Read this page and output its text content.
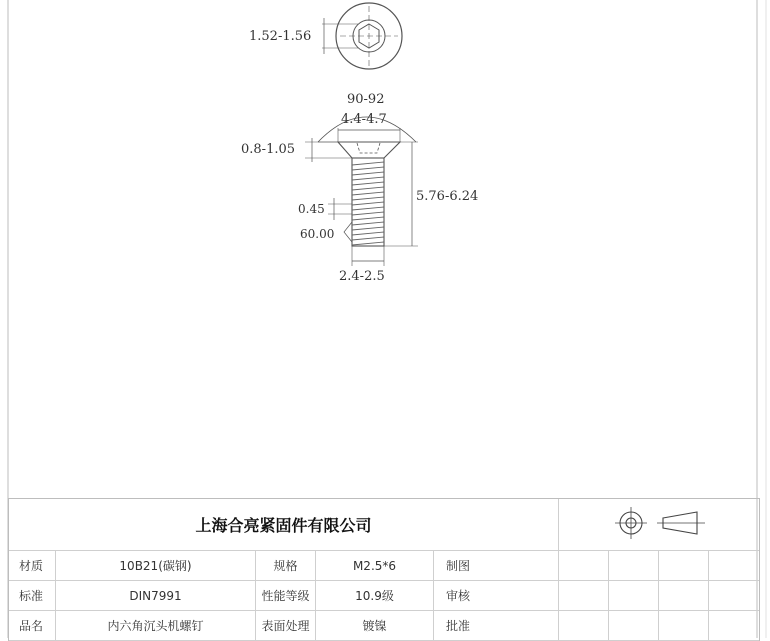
1.52-1.56
90-92
4.4-4.7
0.8-1.05
5.76-6.24
0.45
60.00
2.4-2.5
上海合亮紧固件有限公司
材质	10B21(碳钢)	规格	M2.5*6	制图
标准	DIN7991	性能等级	10.9级	审核
品名	内六角沉头机螺钉	表面处理	镀镍	批准
